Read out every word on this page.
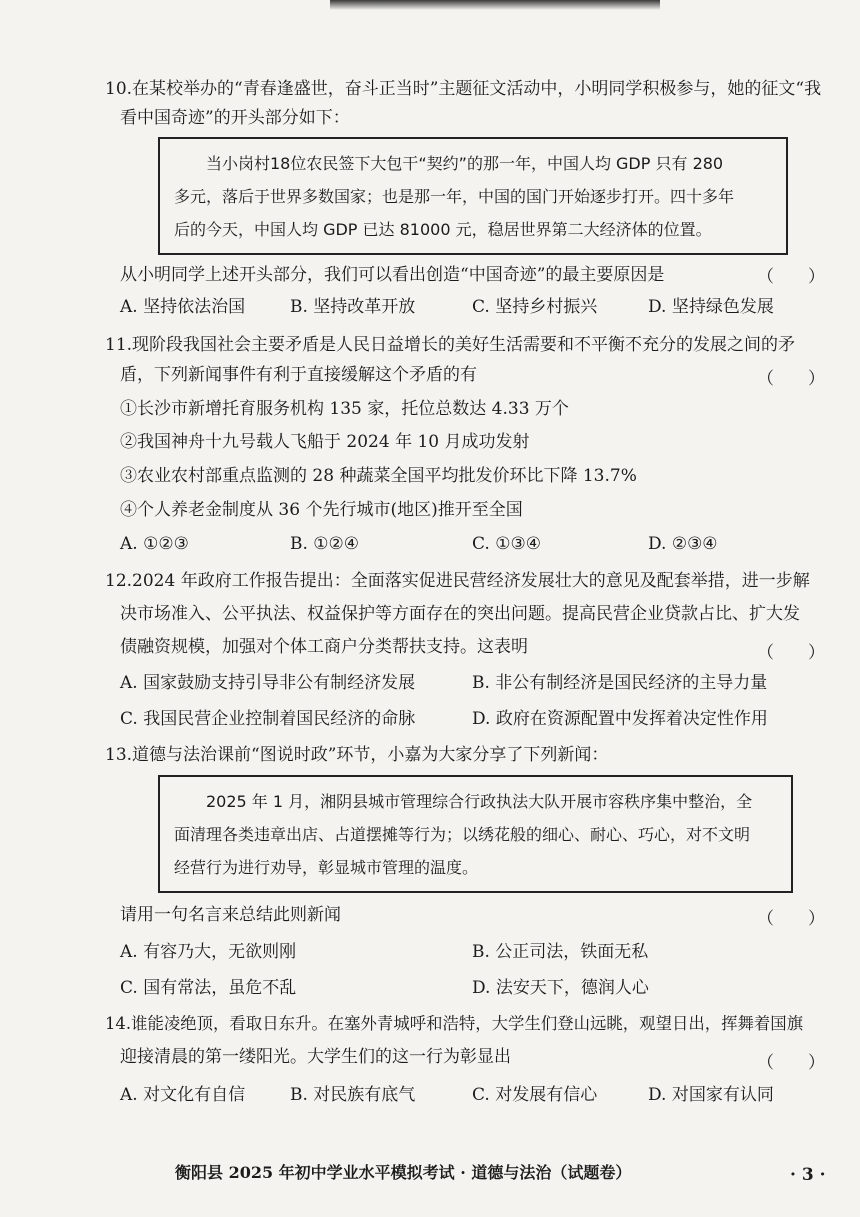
10.在某校举办的“青春逢盛世，奋斗正当时”主题征文活动中，小明同学积极参与，她的征文“我
看中国奇迹”的开头部分如下：
　　当小岗村18位农民签下大包干“契约”的那一年，中国人均 GDP 只有 280
多元，落后于世界多数国家；也是那一年，中国的国门开始逐步打开。四十多年
后的今天，中国人均 GDP 已达 81000 元，稳居世界第二大经济体的位置。
从小明同学上述开头部分，我们可以看出创造“中国奇迹”的最主要原因是	（　　）
A. 坚持依法治国	B. 坚持改革开放	C. 坚持乡村振兴	D. 坚持绿色发展
11.现阶段我国社会主要矛盾是人民日益增长的美好生活需要和不平衡不充分的发展之间的矛
盾，下列新闻事件有利于直接缓解这个矛盾的有	（　　）
①长沙市新增托育服务机构 135 家，托位总数达 4.33 万个
②我国神舟十九号载人飞船于 2024 年 10 月成功发射
③农业农村部重点监测的 28 种蔬菜全国平均批发价环比下降 13.7%
④个人养老金制度从 36 个先行城市(地区)推开至全国
A. ①②③	B. ①②④	C. ①③④	D. ②③④
12.2024 年政府工作报告提出：全面落实促进民营经济发展壮大的意见及配套举措，进一步解
决市场准入、公平执法、权益保护等方面存在的突出问题。提高民营企业贷款占比、扩大发
债融资规模，加强对个体工商户分类帮扶支持。这表明	（　　）
A. 国家鼓励支持引导非公有制经济发展	B. 非公有制经济是国民经济的主导力量
C. 我国民营企业控制着国民经济的命脉	D. 政府在资源配置中发挥着决定性作用
13.道德与法治课前“图说时政”环节，小嘉为大家分享了下列新闻：
　　2025 年 1 月，湘阴县城市管理综合行政执法大队开展市容秩序集中整治，全
面清理各类违章出店、占道摆摊等行为；以绣花般的细心、耐心、巧心，对不文明
经营行为进行劝导，彰显城市管理的温度。
请用一句名言来总结此则新闻	（　　）
A. 有容乃大，无欲则刚	B. 公正司法，铁面无私
C. 国有常法，虽危不乱	D. 法安天下，德润人心
14.谁能凌绝顶，看取日东升。在塞外青城呼和浩特，大学生们登山远眺，观望日出，挥舞着国旗
迎接清晨的第一缕阳光。大学生们的这一行为彰显出	（　　）
A. 对文化有自信	B. 对民族有底气	C. 对发展有信心	D. 对国家有认同
衡阳县 2025 年初中学业水平模拟考试 · 道德与法治（试题卷）	· 3 ·
